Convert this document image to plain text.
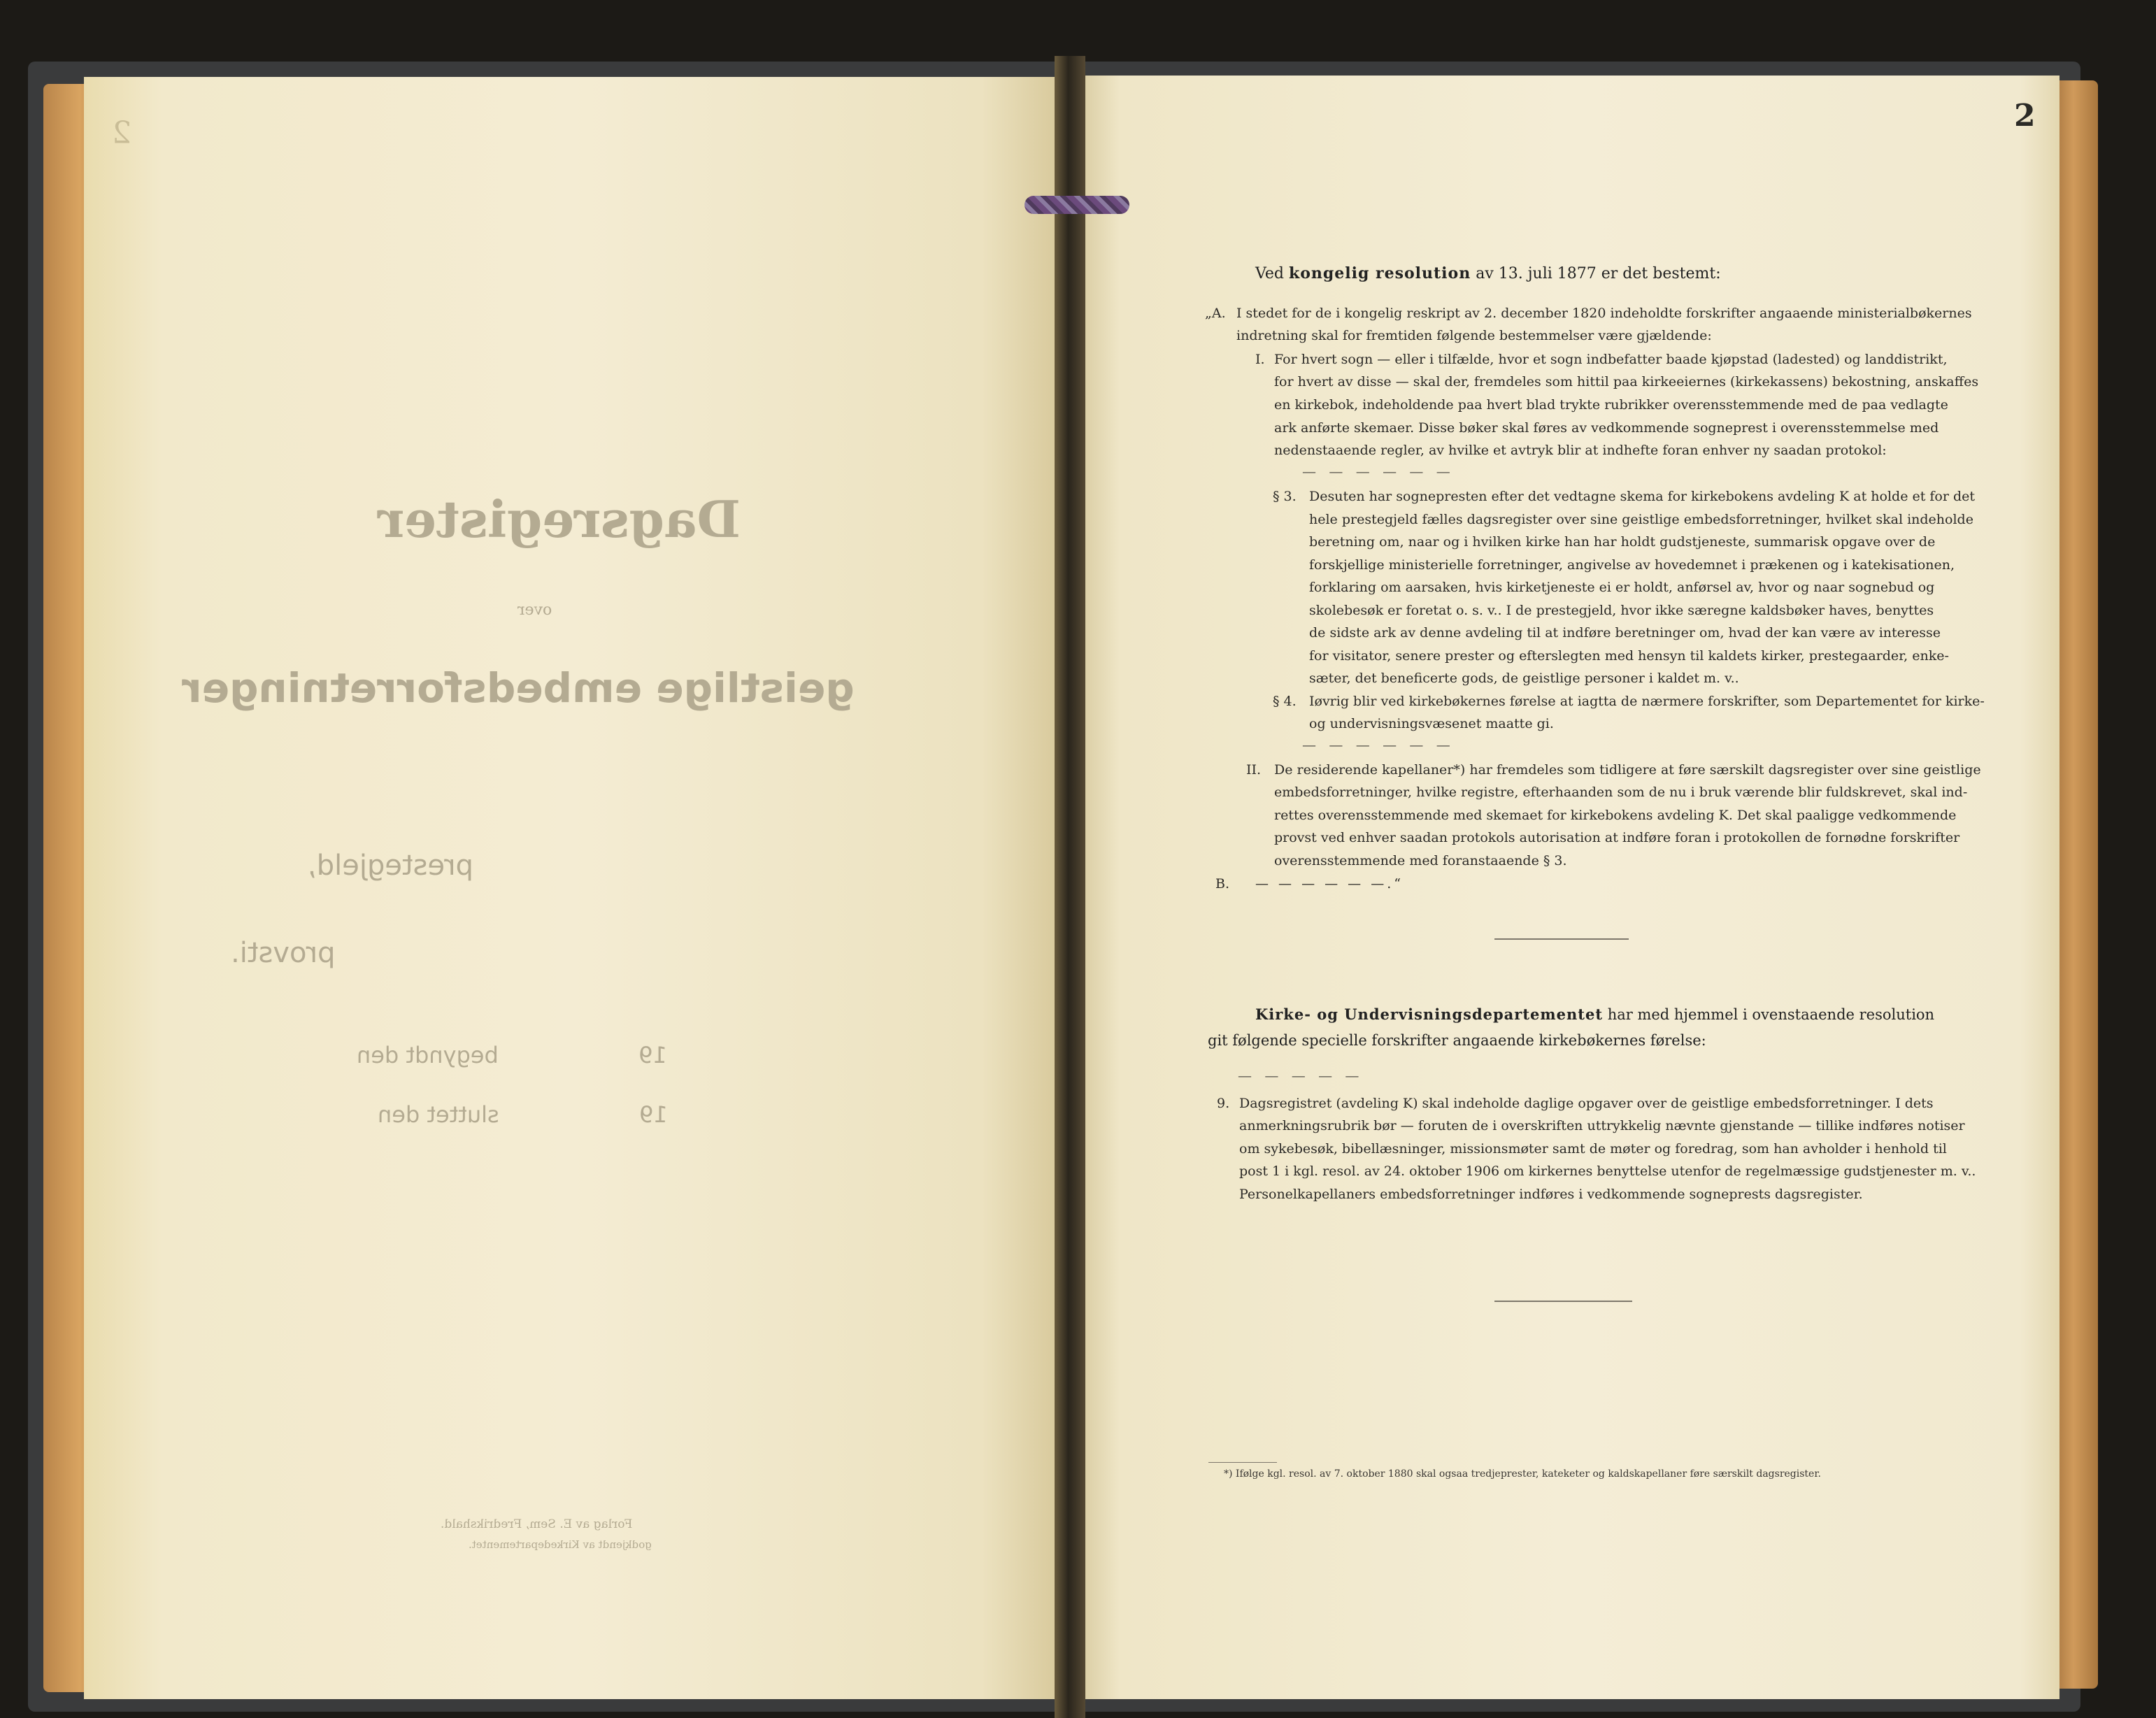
2
Dagsregister
over
geistlige embedsforretninger
prestegjeld,
provsti.
19  begyndt den
19  sluttet den
Forlag av E. Sem, Fredrikshald.
godkjendt av Kirkedepartementet.
2
Ved kongelig resolution av 13. juli 1877 er det bestemt:
„A. I stedet for de i kongelig reskript av 2. december 1820 indeholdte forskrifter angaaende ministerialbøkernes
indretning skal for fremtiden følgende bestemmelser være gjældende:
I. For hvert sogn — eller i tilfælde, hvor et sogn indbefatter baade kjøpstad (ladested) og landdistrikt,
for hvert av disse — skal der, fremdeles som hittil paa kirkeeiernes (kirkekassens) bekostning, anskaffes
en kirkebok, indeholdende paa hvert blad trykte rubrikker overensstemmende med de paa vedlagte
ark anførte skemaer. Disse bøker skal føres av vedkommende sogneprest i overensstemmelse med
nedenstaaende regler, av hvilke et avtryk blir at indhefte foran enhver ny saadan protokol:
— — — — — —
§ 3. Desuten har sognepresten efter det vedtagne skema for kirkebokens avdeling K at holde et for det
hele prestegjeld fælles dagsregister over sine geistlige embedsforretninger, hvilket skal indeholde
beretning om, naar og i hvilken kirke han har holdt gudstjeneste, summarisk opgave over de
forskjellige ministerielle forretninger, angivelse av hovedemnet i prækenen og i katekisationen,
forklaring om aarsaken, hvis kirketjeneste ei er holdt, anførsel av, hvor og naar sognebud og
skolebesøk er foretat o. s. v.. I de prestegjeld, hvor ikke særegne kaldsbøker haves, benyttes
de sidste ark av denne avdeling til at indføre beretninger om, hvad der kan være av interesse
for visitator, senere prester og efterslegten med hensyn til kaldets kirker, prestegaarder, enke-
sæter, det beneficerte gods, de geistlige personer i kaldet m. v..
§ 4. Iøvrig blir ved kirkebøkernes førelse at iagtta de nærmere forskrifter, som Departementet for kirke-
og undervisningsvæsenet maatte gi.
— — — — — —
II. De residerende kapellaner*) har fremdeles som tidligere at føre særskilt dagsregister over sine geistlige
embedsforretninger, hvilke registre, efterhaanden som de nu i bruk værende blir fuldskrevet, skal ind-
rettes overensstemmende med skemaet for kirkebokens avdeling K. Det skal paaligge vedkommende
provst ved enhver saadan protokols autorisation at indføre foran i protokollen de fornødne forskrifter
overensstemmende med foranstaaende § 3.
B. — — — — — —.“
Kirke- og Undervisningsdepartementet har med hjemmel i ovenstaaende resolution
git følgende specielle forskrifter angaaende kirkebøkernes førelse:
— — — — —
9. Dagsregistret (avdeling K) skal indeholde daglige opgaver over de geistlige embedsforretninger. I dets
anmerkningsrubrik bør — foruten de i overskriften uttrykkelig nævnte gjenstande — tillike indføres notiser
om sykebesøk, bibellæsninger, missionsmøter samt de møter og foredrag, som han avholder i henhold til
post 1 i kgl. resol. av 24. oktober 1906 om kirkernes benyttelse utenfor de regelmæssige gudstjenester m. v..
Personelkapellaners embedsforretninger indføres i vedkommende sogneprests dagsregister.
*) Ifølge kgl. resol. av 7. oktober 1880 skal ogsaa tredjeprester, kateketer og kaldskapellaner føre særskilt dagsregister.
